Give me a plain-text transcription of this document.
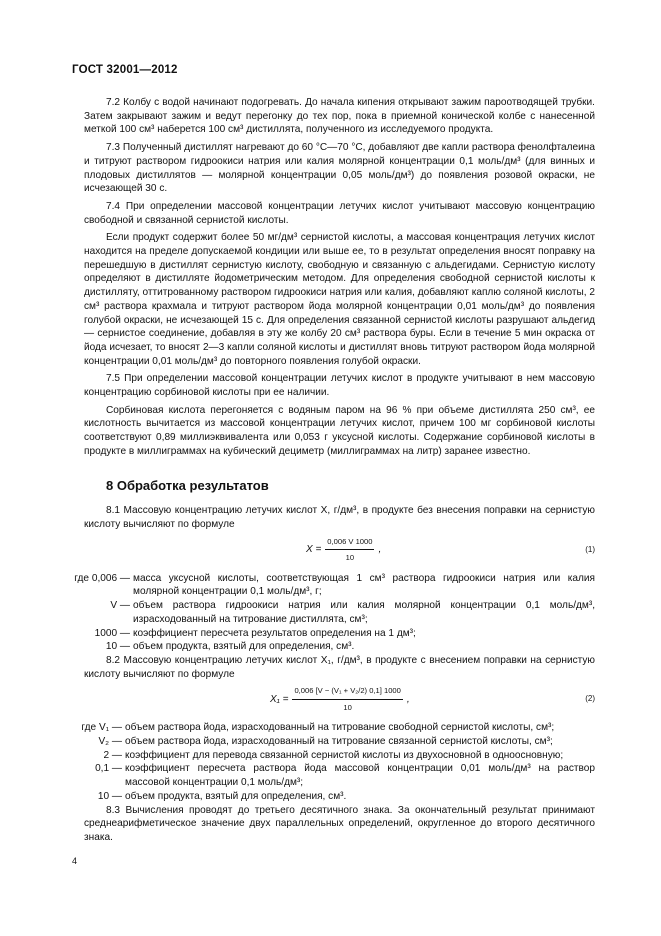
ГОСТ 32001—2012

7.2 Колбу с водой начинают подогревать. До начала кипения открывают зажим пароотводящей трубки. Затем закрывают зажим и ведут перегонку до тех пор, пока в приемной конической колбе с нанесенной меткой 100 см³ наберется 100 см³ дистиллята, полученного из исследуемого продукта.

7.3 Полученный дистиллят нагревают до 60 °С—70 °С, добавляют две капли раствора фенолфталеина и титруют раствором гидроокиси натрия или калия молярной концентрации 0,1 моль/дм³ (для винных и плодовых дистиллятов — молярной концентрации 0,05 моль/дм³) до появления розовой окраски, не исчезающей 30 с.

7.4 При определении массовой концентрации летучих кислот учитывают массовую концентрацию свободной и связанной сернистой кислоты.

Если продукт содержит более 50 мг/дм³ сернистой кислоты, а массовая концентрация летучих кислот находится на пределе допускаемой кондиции или выше ее, то в результат определения вносят поправку на перешедшую в дистиллят сернистую кислоту, свободную и связанную с альдегидами. Сернистую кислоту определяют в дистилляте йодометрическим методом. Для определения свободной сернистой кислоты к дистилляту, оттитрованному раствором гидроокиси натрия или калия, добавляют каплю соляной кислоты, 2 см³ раствора крахмала и титруют раствором йода молярной концентрации 0,01 моль/дм³ до появления голубой окраски, не исчезающей 15 с. Для определения связанной сернистой кислоты разрушают альдегид — сернистое соединение, добавляя в эту же колбу 20 см³ раствора буры. Если в течение 5 мин окраска от йода исчезает, то вносят 2—3 капли соляной кислоты и дистиллят вновь титруют раствором йода молярной концентрации 0,01 моль/дм³ до повторного появления голубой окраски.

7.5 При определении массовой концентрации летучих кислот в продукте учитывают в нем массовую концентрацию сорбиновой кислоты при ее наличии.

Сорбиновая кислота перегоняется с водяным паром на 96 % при объеме дистиллята 250 см³, ее кислотность вычитается из массовой концентрации летучих кислот, причем 100 мг сорбиновой кислоты соответствуют 0,89 миллиэквивалента или 0,053 г уксусной кислоты. Содержание сорбиновой кислоты в продукте в миллиграммах на кубический дециметр (миллиграммах на литр) заранее известно.

8 Обработка результатов

8.1 Массовую концентрацию летучих кислот X, г/дм³, в продукте без внесения поправки на сернистую кислоту вычисляют по формуле

$X = \frac{0,006 V 1000}{10}$ ,	(1)
где 0,006 — масса уксусной кислоты, соответствующая 1 см³ раствора гидроокиси натрия или калия молярной концентрации 0,1 моль/дм³, г;
V — объем раствора гидроокиси натрия или калия молярной концентрации 0,1 моль/дм³, израсходованный на титрование дистиллята, см³;
1000 — коэффициент пересчета результатов определения на 1 дм³;
10 — объем продукта, взятый для определения, см³.

8.2 Массовую концентрацию летучих кислот X₁, г/дм³, в продукте с внесением поправки на сернистую кислоту вычисляют по формуле

$X_1 = \frac{\text{0,006 [V − (V₁ + V₂/2) 0,1] 1000}}{10}$ ,	(2)
где V₁ — объем раствора йода, израсходованный на титрование свободной сернистой кислоты, см³;
V₂ — объем раствора йода, израсходованный на титрование связанной сернистой кислоты, см³;
2 — коэффициент для перевода связанной сернистой кислоты из двухосновной в одноосновную;
0,1 — коэффициент пересчета раствора йода массовой концентрации 0,01 моль/дм³ на раствор массовой концентрации 0,1 моль/дм³;
10 — объем продукта, взятый для определения, см³.

8.3 Вычисления проводят до третьего десятичного знака. За окончательный результат принимают среднеарифметическое значение двух параллельных определений, округленное до второго десятичного знака.

4
